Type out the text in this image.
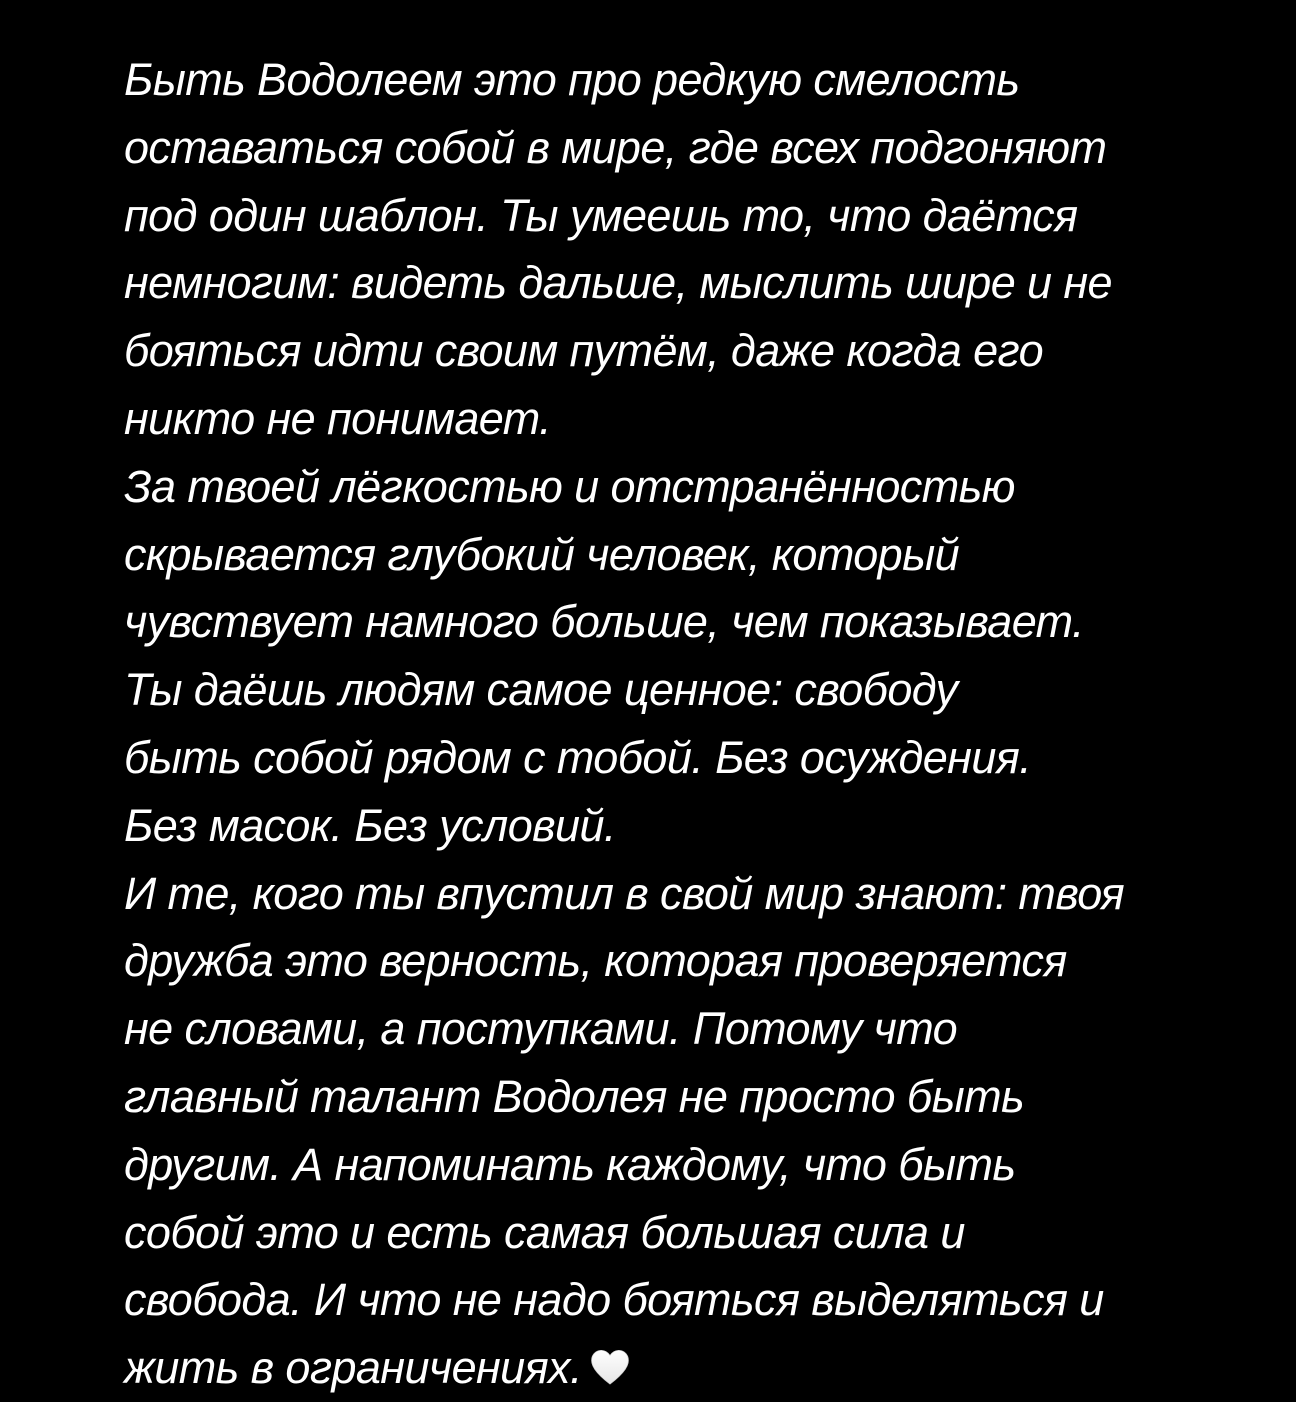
Быть Водолеем это про редкую смелость
оставаться собой в мире, где всех подгоняют
под один шаблон. Ты умеешь то, что даётся
немногим: видеть дальше, мыслить шире и не
бояться идти своим путём, даже когда его
никто не понимает.
За твоей лёгкостью и отстранённостью
скрывается глубокий человек, который
чувствует намного больше, чем показывает.
Ты даёшь людям самое ценное: свободу
быть собой рядом с тобой. Без осуждения.
Без масок. Без условий.
И те, кого ты впустил в свой мир знают: твоя
дружба это верность, которая проверяется
не словами, а поступками. Потому что
главный талант Водолея не просто быть
другим. А напоминать каждому, что быть
собой это и есть самая большая сила и
свобода. И что не надо бояться выделяться и
жить в ограничениях.
